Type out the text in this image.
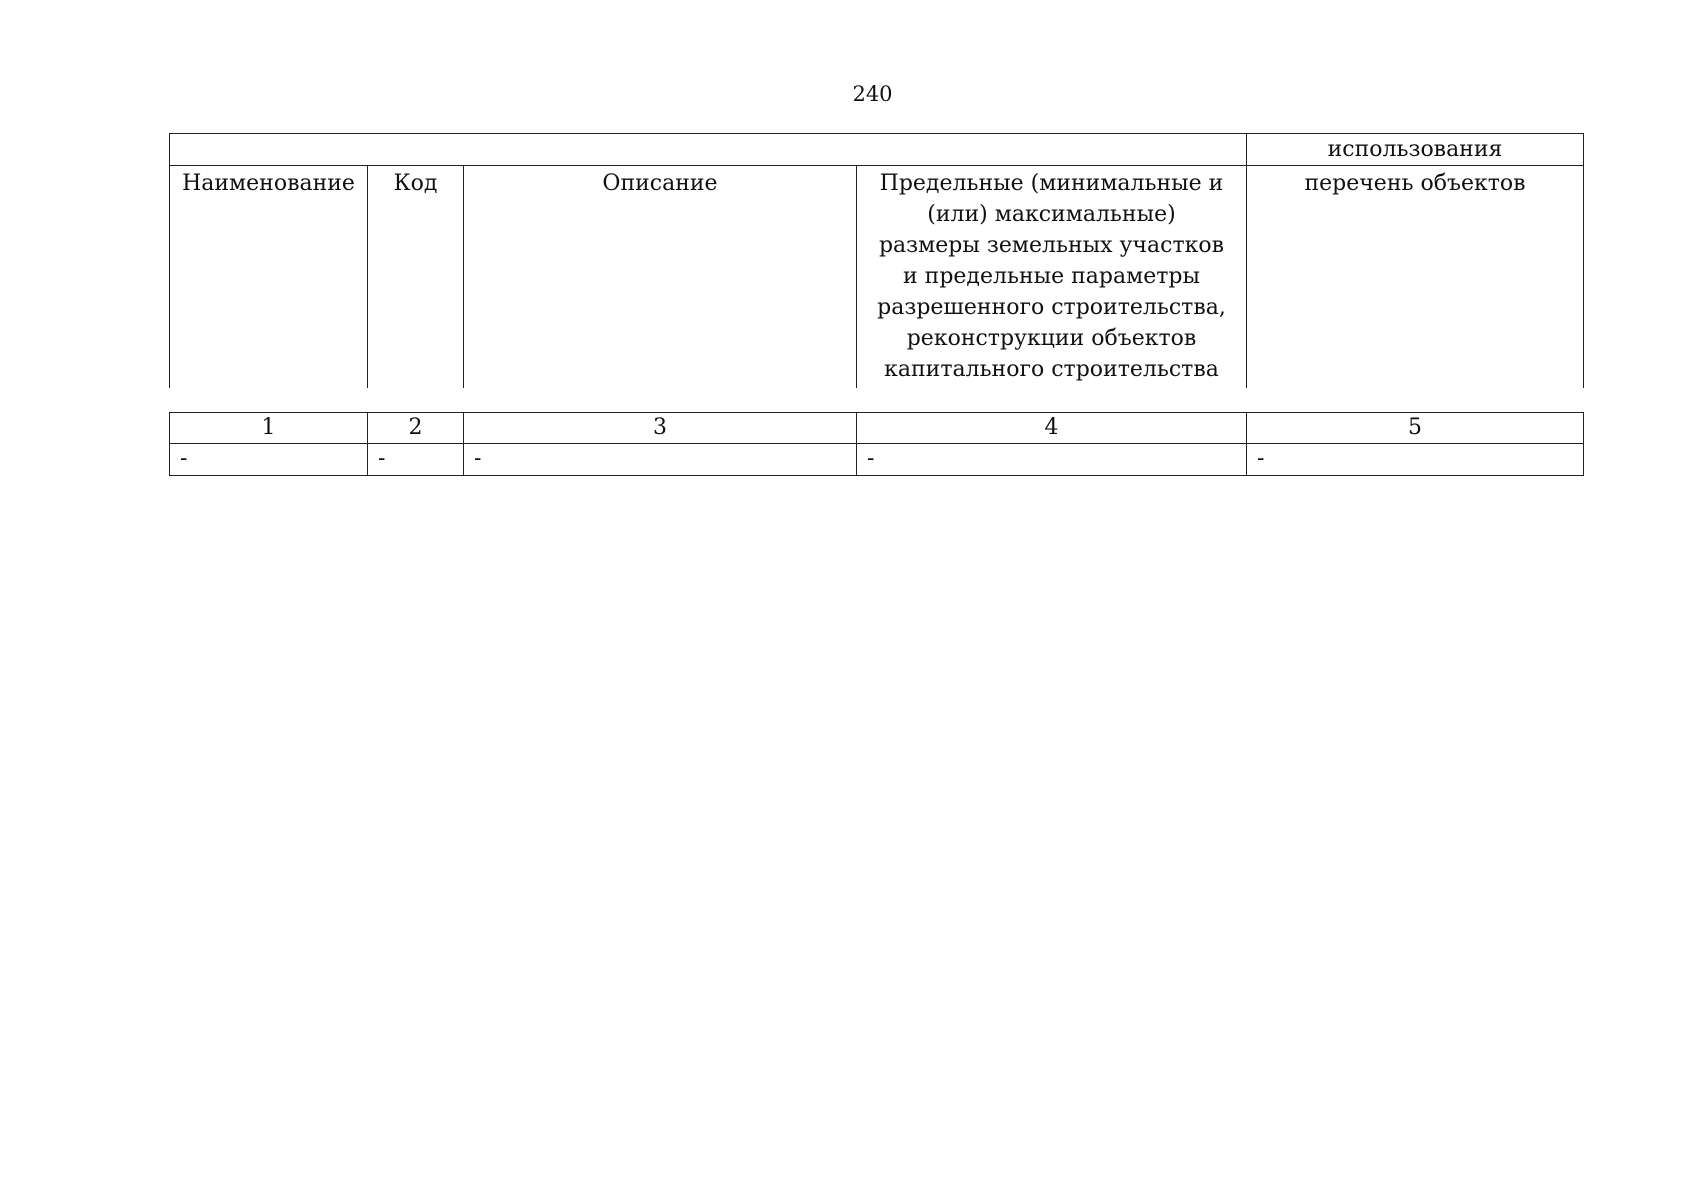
240
				использования
Наименование	Код	Описание	Предельные (минимальные и (или) максимальные) размеры земельных участков и предельные параметры разрешенного строительства, реконструкции объектов капитального строительства	перечень объектов
1	2	3	4	5
-	-	-	-	-
